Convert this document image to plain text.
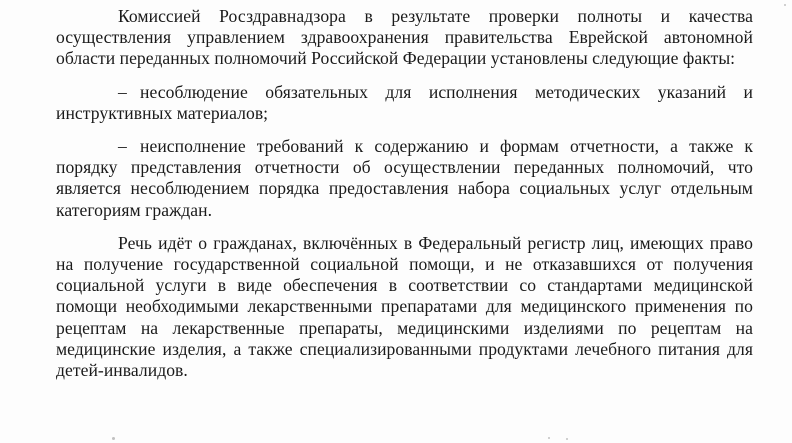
Комиссией Росздравнадзора в результате проверки полноты и качества осуществления управлением здравоохранения правительства Еврейской автономной области переданных полномочий Российской Федерации установлены следующие факты:

– несоблюдение обязательных для исполнения методических указаний и инструктивных материалов;

– неисполнение требований к содержанию и формам отчетности, а также к порядку представления отчетности об осуществлении переданных полномочий, что является несоблюдением порядка предоставления набора социальных услуг отдельным категориям граждан.

Речь идёт о гражданах, включённых в Федеральный регистр лиц, имеющих право на получение государственной социальной помощи, и не отказавшихся от получения социальной услуги в виде обеспечения в соответствии со стандартами медицинской помощи необходимыми лекарственными препаратами для медицинского применения по рецептам на лекарственные препараты, медицинскими изделиями по рецептам на медицинские изделия, а также специализированными продуктами лечебного питания для детей-инвалидов.
